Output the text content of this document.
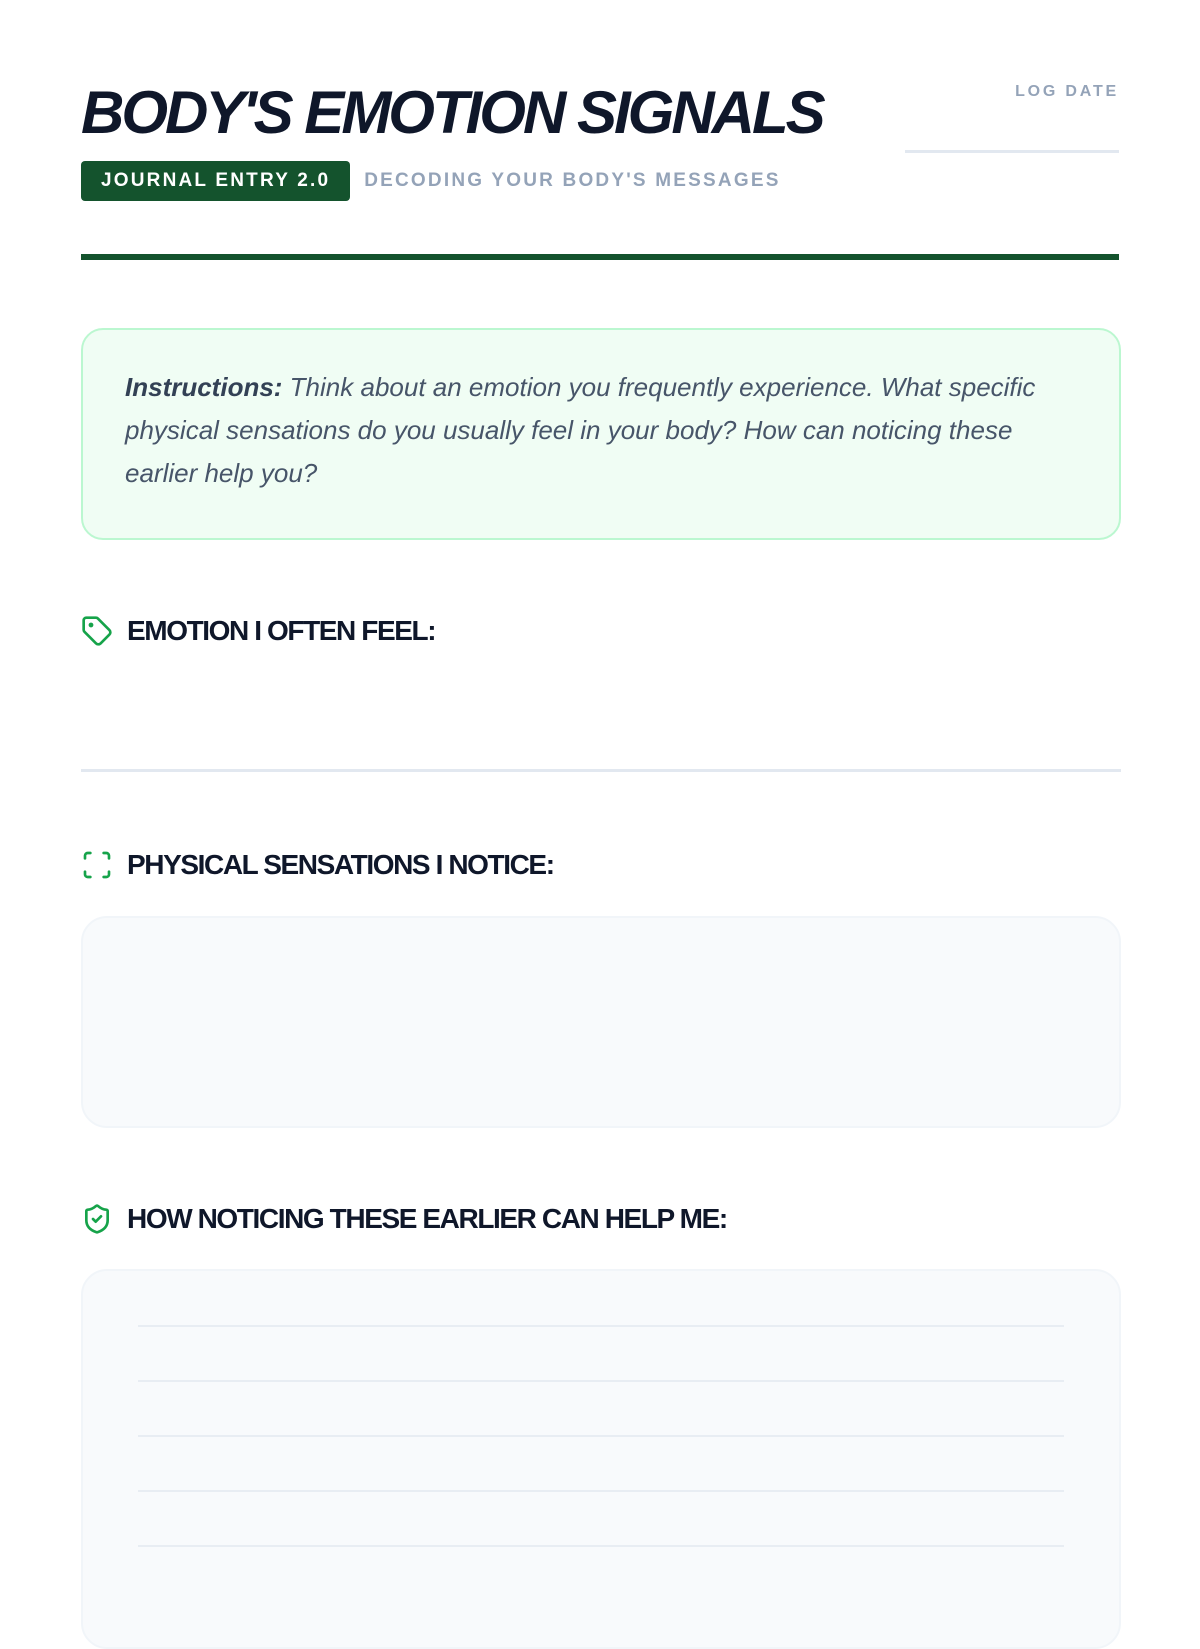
BODY'S EMOTION SIGNALS
JOURNAL ENTRY 2.0	DECODING YOUR BODY'S MESSAGES
LOG DATE
Instructions: Think about an emotion you frequently experience. What specific physical sensations do you usually feel in your body? How can noticing these earlier help you?
EMOTION I OFTEN FEEL:
PHYSICAL SENSATIONS I NOTICE:
HOW NOTICING THESE EARLIER CAN HELP ME:
